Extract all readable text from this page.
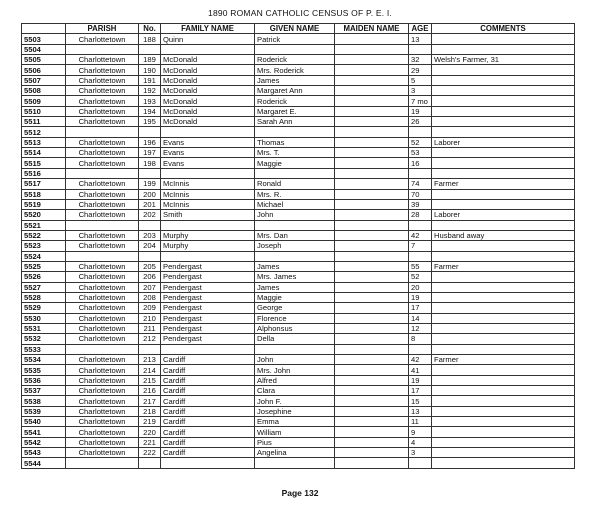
1890 ROMAN CATHOLIC CENSUS OF P. E. I.
	PARISH	No.	FAMILY NAME	GIVEN NAME	MAIDEN NAME	AGE	COMMENTS
5503	Charlottetown	188	Quinn	Patrick		13	
5504							
5505	Charlottetown	189	McDonald	Roderick		32	Welsh's Farmer, 31
5506	Charlottetown	190	McDonald	Mrs. Roderick		29	
5507	Charlottetown	191	McDonald	James		5	
5508	Charlottetown	192	McDonald	Margaret Ann		3	
5509	Charlottetown	193	McDonald	Roderick		7 mo	
5510	Charlottetown	194	McDonald	Margaret E.		19	
5511	Charlottetown	195	McDonald	Sarah Ann		26	
5512							
5513	Charlottetown	196	Evans	Thomas		52	Laborer
5514	Charlottetown	197	Evans	Mrs. T.		53	
5515	Charlottetown	198	Evans	Maggie		16	
5516							
5517	Charlottetown	199	McInnis	Ronald		74	Farmer
5518	Charlottetown	200	McInnis	Mrs. R.		70	
5519	Charlottetown	201	McInnis	Michael		39	
5520	Charlottetown	202	Smith	John		28	Laborer
5521							
5522	Charlottetown	203	Murphy	Mrs. Dan		42	Husband away
5523	Charlottetown	204	Murphy	Joseph		7	
5524							
5525	Charlottetown	205	Pendergast	James		55	Farmer
5526	Charlottetown	206	Pendergast	Mrs. James		52	
5527	Charlottetown	207	Pendergast	James		20	
5528	Charlottetown	208	Pendergast	Maggie		19	
5529	Charlottetown	209	Pendergast	George		17	
5530	Charlottetown	210	Pendergast	Florence		14	
5531	Charlottetown	211	Pendergast	Alphonsus		12	
5532	Charlottetown	212	Pendergast	Della		8	
5533							
5534	Charlottetown	213	Cardiff	John		42	Farmer
5535	Charlottetown	214	Cardiff	Mrs. John		41	
5536	Charlottetown	215	Cardiff	Alfred		19	
5537	Charlottetown	216	Cardiff	Clara		17	
5538	Charlottetown	217	Cardiff	John F.		15	
5539	Charlottetown	218	Cardiff	Josephine		13	
5540	Charlottetown	219	Cardiff	Emma		11	
5541	Charlottetown	220	Cardiff	William		9	
5542	Charlottetown	221	Cardiff	Pius		4	
5543	Charlottetown	222	Cardiff	Angelina		3	
5544							
Page 132
